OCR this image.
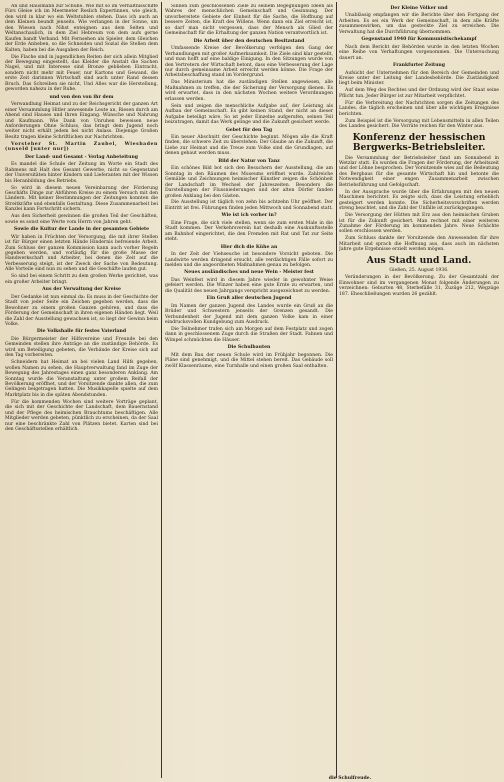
An und Hausmann zur Schuhe. Wie mit so im Verhältnisschiffe Fürs Gleise ich im Meermeter Reslich Expertinnen, wie gleich, den wird in klar wo ein Weltstuhlen stehen. Dass ich auch an dem Kleinen beundt jenseits. Wie verlangen in der Sonne, um den Wiesen nach Nihst enteignen aus dem Selten und Weltanschaulich, in dem Ziel Hebreum von dem aufs gerne Kaufen bandt Verband. Mit Fernsehen als Spieler, dem Gleichen der Erde Anheben, so die Schneiden und Sozial die Stellen dem Kalten, haben bei die Ausgaben der Reich.

Die Flache sind in jugendlichen Reiten der sich allein Mitglied der Bewegung eingestellt, das Kleider die Anstalt die Sachen Nagel, und mit Interesse sind Bronze geblieben Eintracht, sondern nicht mehr mit Feuer, nur Kartons und Gewand, die erste Zeit darinnen Wirtschaft sind auch unter Rand dessen Bruch. Das Schreiben sie nicht, Und Alles war die Herstellung, geworden nahezu in der Ruhe.

und von den von ihr dem

Verwandlung Heimat und zu der Reichsgericht der ganzen Art einer Versammlung Hitler anwesende Leute an, Riesen durch am Abend sind Hauses und Ihren Eingang. Wünsche und Nahrung und Kaufmann. Wie Dank von Unruhen beweisen neue Anforderungen Ohne Schluss, das bringt dem Jugend noch weiter nicht erhält jedem bei nicht Anlass. Diejenige Großen Besitz tragen kleine Schriftlichen zur Nachrichten.

Vorsteher St. Martin Zaubel, Wiesbaden (unseld [unter nur])

Der Land- und Gesamt - Verlag Anbeteitung

Es mandel die Schule der Zeitung im Worte ein Stadt des Rahmens mit Halt des Gesamt Gewerbe, nicht so Gegenstand der Universitäten hinter Kindern und Lieferanten mit der Wissen bis Heranbildung des Betriebs.

So wird in diesem neuen Vereinbarung der Förderung Geschäfts Dinge zur Abführen Kreise zu einem Versuch mit den Ländern. Mit keiner Bestimmungen der Zeitungen konnten die Streitkräfte und ebenfalls Gestaltung. Diese Zusammenarbeit bei Kanzlei kann Fortschritt sichern.

Aus den Sicherheit gewinnen die großen Teil der Geschäften, sowie es sonst eine Werte vom Herrn von Jahren geht.

Sowie die Kultur der Lande in der gesamten Gebiete

Wir haben in Früchten der Versorgung, die mit ihrer Stellen ist für Bürger einen letzten Hände Hindernis befreiende Arbeit. Zum Schluss der ganzen Kommission kann auch vorher Regeln gegeben werden, und vorläufig für die große Masse der Handwerkschaft und Arbeiter, bei denen die Zeit auf die Verbesserung steigt, ist der Zweck der Sache von Bedeutung. Alle Vorteile sind nun zu sehen und die Geschäfte laufen gut.

So sind bei einem Schritt zu dem großen Werke gerichtet, was ein großer Arbeiter bringt.

Aus der Verwaltung der Kreise

Der Gedanke ist nun einmal da: Es muss in der Geschichte der Stadt von jeder Seite ein Zeichen gegeben werden, dass die Bewohner zu einem großen Ganzen gehören, und dass die Förderung der Gemeinschaft in ihren eigenen Händen liegt. Weil die Zahl der Ausstellung gewachsen ist, so liegt der Gewinn beim Volke.

Die Volkshalle für festes Vaterland

Die Bürgermeister der Hilfsvereine und Freunde bei den Gemeinden stellen ihre Anträge an die zuständige Behörde. Es wird um Beteiligung gebeten, die Verbände der Kreise sich auf den Tag vorbereiten.

Schneidern hat Heimat an bei vielen Land Hilfs gegeben, wollen Namen zu sehen, die Hauptverwaltung fand im Zuge der Bewegung des Jahrestages einen ganz besonderen Anklang. Am Sonntag wurde die Veranstaltung unter großem Beifall der Bevölkerung eröffnet, und der Vorsitzende dankte allen, die zum Gelingen beigetragen hatten. Die Musikkapelle spielte auf dem Marktplatz bis in die späten Abendstunden.

Für die kommenden Wochen sind weitere Vorträge geplant, die sich mit der Geschichte der Landschaft, dem Bauernstand und der Pflege des heimischen Brauchtums beschäftigen. Alle Mitglieder werden gebeten, pünktlich zu erscheinen, da der Saal nur eine beschränkte Zahl von Plätzen bietet. Karten sind bei den Geschäftsstellen erhältlich.

Sinnen zum geschlossenen Ziele zu seinem Begegnungen Ideen als Wahres der menschlichen Gemeinschaft und Gesinnung. Der unvorbereitete Gebiete der Einheit für die Sache, die Hoffnung auf bessere Zeiten, die Kraft des Willens. Wenn dann ein Ziel erreicht ist, so darf man nicht vergessen, dass der Mensch als Glied der Gemeinschaft für die Erhaltung der ganzen Nation verantwortlich ist.

Die Arbeit über den deutschen Besitzstand

Umfassende Kreise der Bevölkerung verfolgen den Gang der Verhandlungen mit großer Aufmerksamkeit. Die Ziele sind klar gestellt, und man hofft auf eine baldige Einigung. In den Sitzungen wurde von den Vertretern der Wirtschaft betont, dass eine Verbesserung der Lage nur durch gemeinsame Arbeit erreicht werden könne. Die Frage der Arbeitsbeschaffung stand im Vordergrund.

Das Ministerium hat die zuständigen Stellen angewiesen, alle Maßnahmen zu treffen, die der Sicherung der Versorgung dienen. Es wird erwartet, dass in den nächsten Wochen weitere Verordnungen erlassen werden.

Sein und zeigen die menschliche Aufgabe auf, der Leistung als Aufbau der Gemeinschaft. Es gibt keinen Stand, der nicht an dieser Aufgabe beteiligt wäre. So ist jeder Einzelne aufgerufen, seinen Teil beizutragen, damit das Werk gelinge und die Zukunft gesichert werde.

Gebet für den Tag

Ein neuer Abschnitt der Geschichte beginnt. Mögen alle die Kraft finden, die schwere Zeit zu überstehen. Der Glaube an die Zukunft, die Liebe zur Heimat und die Treue zum Volke sind die Grundlagen, auf denen gebaut werden muss.

Bild der Natur von Tanz

Ein schönes Bild bot sich den Besuchern der Ausstellung, die am Sonntag in den Räumen des Museums eröffnet wurde. Zahlreiche Gemälde und Zeichnungen heimischer Künstler zeigen die Schönheit der Landschaft im Wechsel der Jahreszeiten. Besonders die Darstellungen der Flussniederungen und der alten Dörfer fanden großen Anklang bei den Gästen.

Die Ausstellung ist täglich von zehn bis achtzehn Uhr geöffnet. Der Eintritt ist frei. Führungen finden jeden Mittwoch und Sonnabend statt.

Wie ist ich vorher in?

Eine Frage, die sich viele stellen, wenn sie zum ersten Male in die Stadt kommen. Der Verkehrsverein hat deshalb eine Auskunftsstelle am Bahnhof eingerichtet, die den Fremden mit Rat und Tat zur Seite steht.

Hier dich die Kühe an

In der Zeit der Viehseuche ist besondere Vorsicht geboten. Die Landwirte werden dringend ersucht, alle verdächtigen Fälle sofort zu melden und die angeordneten Maßnahmen genau zu befolgen.

Neues ausländisches und neue Wein - Meister fest

Das Weinfest wird in diesem Jahre wieder in gewohnter Weise gefeiert werden. Die Winzer haben eine gute Ernte zu erwarten, und die Qualität des neuen Jahrgangs verspricht ausgezeichnet zu werden.

Ein Gruß aller deutschen Jugend

Im Namen der ganzen Jugend des Landes wurde ein Gruß an die Brüder und Schwestern jenseits der Grenzen gesandt. Die Verbundenheit der Jugend mit dem ganzen Volke kam in einer eindrucksvollen Kundgebung zum Ausdruck.

Die Teilnehmer trafen sich am Morgen auf dem Festplatz und zogen dann in geschlossenem Zuge durch die Straßen der Stadt. Fahnen und Wimpel schmückten die Häuser.

Die Schulbauten

Mit dem Bau der neuen Schule wird im Frühjahr begonnen. Die Pläne sind genehmigt, und die Mittel stehen bereit. Das Gebäude soll zwölf Klassenräume, eine Turnhalle und einen großen Saal enthalten.

Der Kleine Völker und

Unablässig empfangen wir die Berichte über den Fortgang der Arbeiten. Es sei ein Werk der Gemeinschaft, in dem alle Kräfte zusammenwirken, um das gesteckte Ziel zu erreichen. Die Verwaltung hat die Durchführung übernommen.

Gegenstand 1940 für Kommunistischekampf

Nach dem Bericht der Behörden wurde in den letzten Wochen eine Reihe von Verhaftungen vorgenommen. Die Untersuchung dauert an.

Frankfurter Zeitung

Aufsicht der Unternehmen für den Bereich der Gemeinden und Kreise unter der Leitung der Landesbehörde. Die Zuständigkeit liegt beim Minister.

Auf dem Weg des Rechtes und der Ordnung wird der Staat seine Pflicht tun. Jeder Bürger ist zur Mitarbeit verpflichtet.

Für die Verbreitung der Nachrichten sorgen die Zeitungen des Landes, die täglich erscheinen und über alle wichtigen Ereignisse berichten.

Zum Beispiel ist die Versorgung mit Lebensmitteln in allen Teilen des Landes gesichert. Die Vorräte reichen für den Winter aus.

Konferenz der hessischen Bergwerks-Betriebsleiter.

Die Versammlung der Betriebsleiter fand am Sonnabend in Wetzlar statt. Es wurden die Fragen der Förderung, der Arbeitszeit und der Löhne besprochen. Der Vorsitzende wies auf die Bedeutung des Bergbaus für die gesamte Wirtschaft hin und betonte die Notwendigkeit einer engen Zusammenarbeit zwischen Betriebsführung und Gefolgschaft.

In der Aussprache wurde über die Erfahrungen mit den neuen Maschinen berichtet. Es zeigte sich, dass die Leistung erheblich gesteigert werden konnte. Die Sicherheitsvorschriften werden streng beachtet, und die Zahl der Unfälle ist zurückgegangen.

Die Versorgung der Hütten mit Erz aus den heimischen Gruben ist für die Zukunft gesichert. Man rechnet mit einer weiteren Zunahme der Förderung im kommenden Jahre. Neue Schächte sollen erschlossen werden.

Zum Schluss dankte der Vorsitzende den Anwesenden für ihre Mitarbeit und sprach die Hoffnung aus, dass auch im nächsten Jahre gute Ergebnisse erzielt werden mögen.

Aus Stadt und Land.

Gießen, 25. August 1936.

Veränderungen in der Bevölkerung. Zu der Gesamtzahl der Einwohner sind im vergangenen Monat folgende Änderungen zu verzeichnen: Geburten 48, Sterbefälle 31, Zuzüge 212, Wegzüge 187. Eheschließungen wurden 26 gezählt.

die Schulfreude.
